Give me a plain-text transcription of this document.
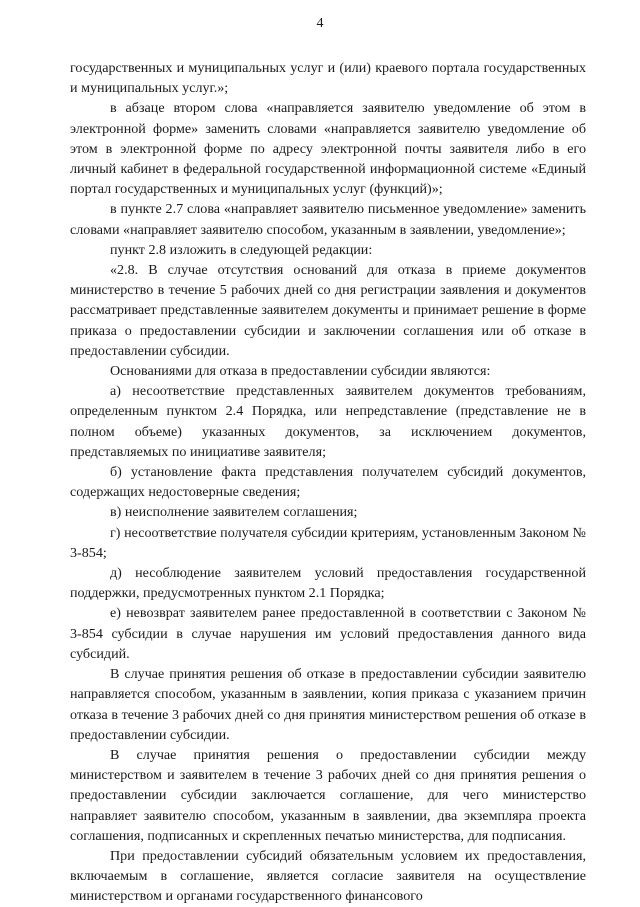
4

государственных и муниципальных услуг и (или) краевого портала государственных и муниципальных услуг.»;

в абзаце втором слова «направляется заявителю уведомление об этом в электронной форме» заменить словами «направляется заявителю уведомление об этом в электронной форме по адресу электронной почты заявителя либо в его личный кабинет в федеральной государственной информационной системе «Единый портал государственных и муниципальных услуг (функций)»;

в пункте 2.7 слова «направляет заявителю письменное уведомление» заменить словами «направляет заявителю способом, указанным в заявлении, уведомление»;

пункт 2.8 изложить в следующей редакции:

«2.8. В случае отсутствия оснований для отказа в приеме документов министерство в течение 5 рабочих дней со дня регистрации заявления и документов рассматривает представленные заявителем документы и принимает решение в форме приказа о предоставлении субсидии и заключении соглашения или об отказе в предоставлении субсидии.

Основаниями для отказа в предоставлении субсидии являются:

а) несоответствие представленных заявителем документов требованиям, определенным пунктом 2.4 Порядка, или непредставление (представление не в полном объеме) указанных документов, за исключением документов, представляемых по инициативе заявителя;

б) установление факта представления получателем субсидий документов, содержащих недостоверные сведения;

в) неисполнение заявителем соглашения;

г) несоответствие получателя субсидии критериям, установленным Законом № 3-854;

д) несоблюдение заявителем условий предоставления государственной поддержки, предусмотренных пунктом 2.1 Порядка;

е) невозврат заявителем ранее предоставленной в соответствии с Законом № 3-854 субсидии в случае нарушения им условий предоставления данного вида субсидий.

В случае принятия решения об отказе в предоставлении субсидии заявителю направляется способом, указанным в заявлении, копия приказа с указанием причин отказа в течение 3 рабочих дней со дня принятия министерством решения об отказе в предоставлении субсидии.

В случае принятия решения о предоставлении субсидии между министерством и заявителем в течение 3 рабочих дней со дня принятия решения о предоставлении субсидии заключается соглашение, для чего министерство направляет заявителю способом, указанным в заявлении, два экземпляра проекта соглашения, подписанных и скрепленных печатью министерства, для подписания.

При предоставлении субсидий обязательным условием их предоставления, включаемым в соглашение, является согласие заявителя на осуществление министерством и органами государственного финансового
